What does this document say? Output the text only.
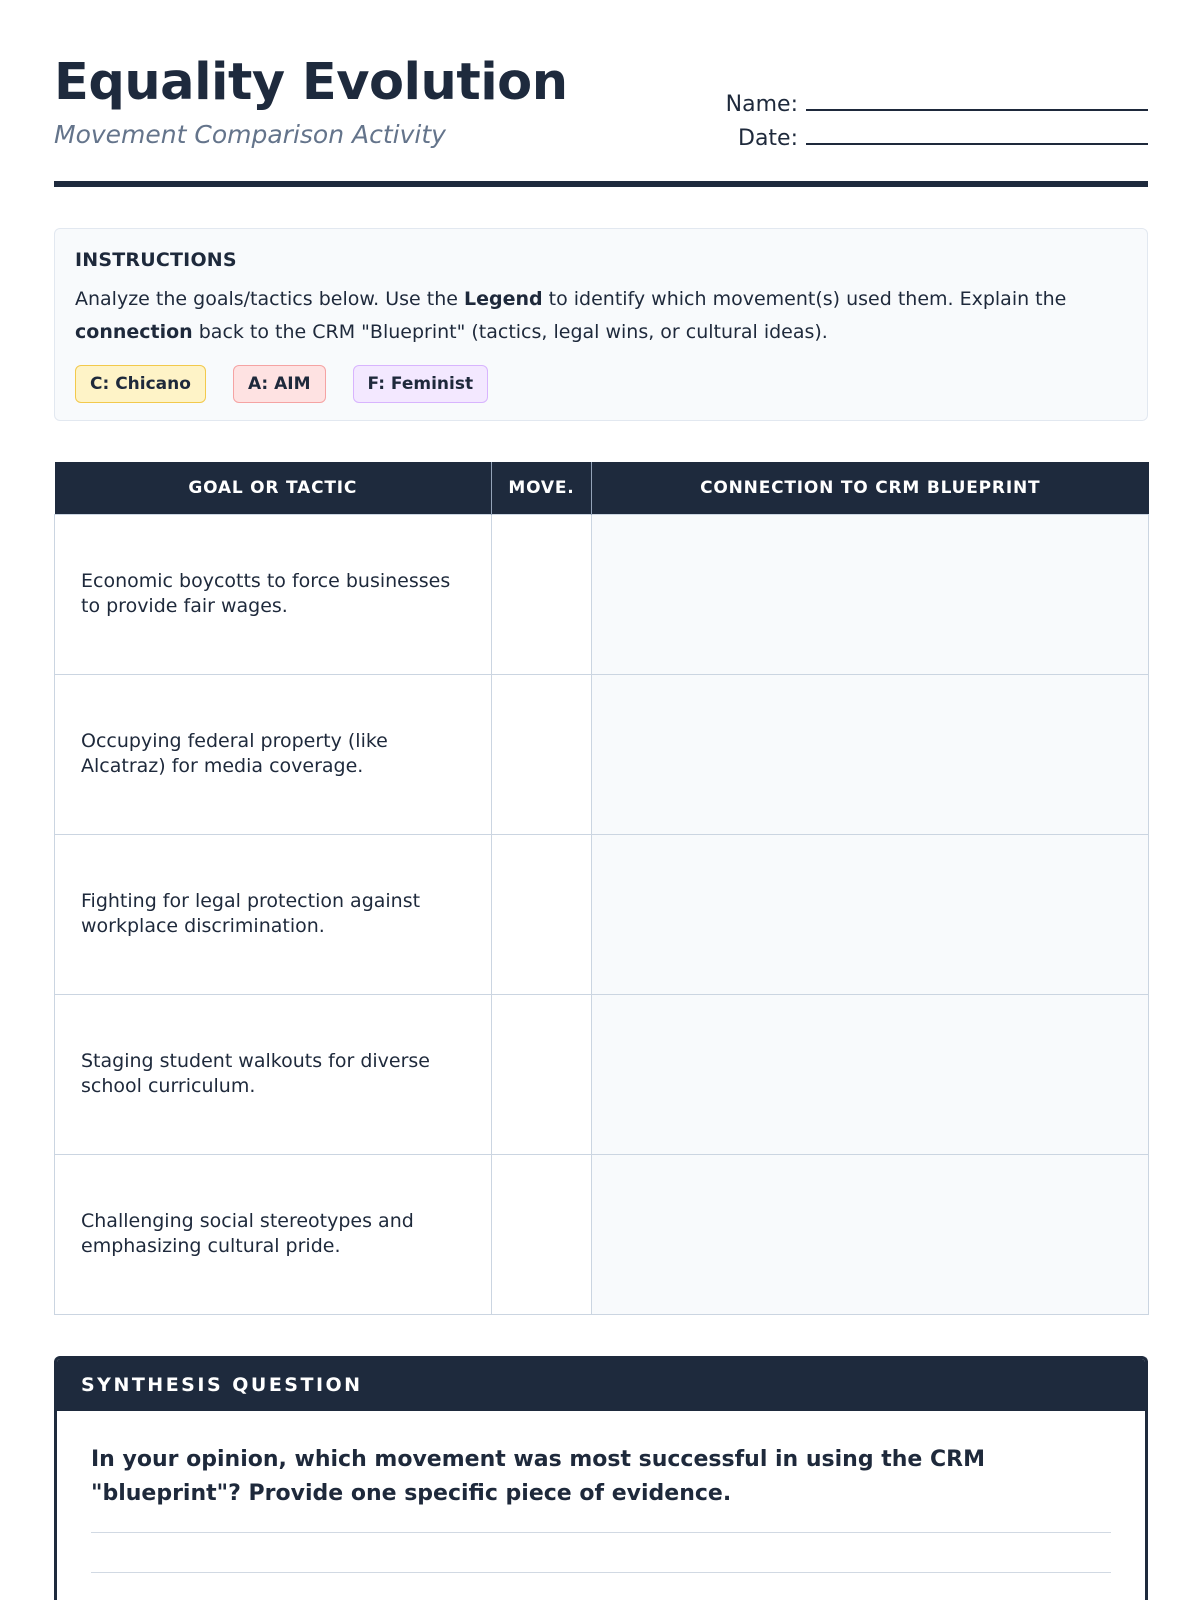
Equality Evolution
Movement Comparison Activity
Name:
Date:
INSTRUCTIONS
Analyze the goals/tactics below. Use the Legend to identify which movement(s) used them. Explain the connection back to the CRM "Blueprint" (tactics, legal wins, or cultural ideas).
C: Chicano	A: AIM	F: Feminist
GOAL OR TACTIC	MOVE.	CONNECTION TO CRM BLUEPRINT
Economic boycotts to force businesses to provide fair wages.		
Occupying federal property (like Alcatraz) for media coverage.		
Fighting for legal protection against workplace discrimination.		
Staging student walkouts for diverse school curriculum.		
Challenging social stereotypes and emphasizing cultural pride.		
SYNTHESIS QUESTION
In your opinion, which movement was most successful in using the CRM "blueprint"? Provide one specific piece of evidence.
